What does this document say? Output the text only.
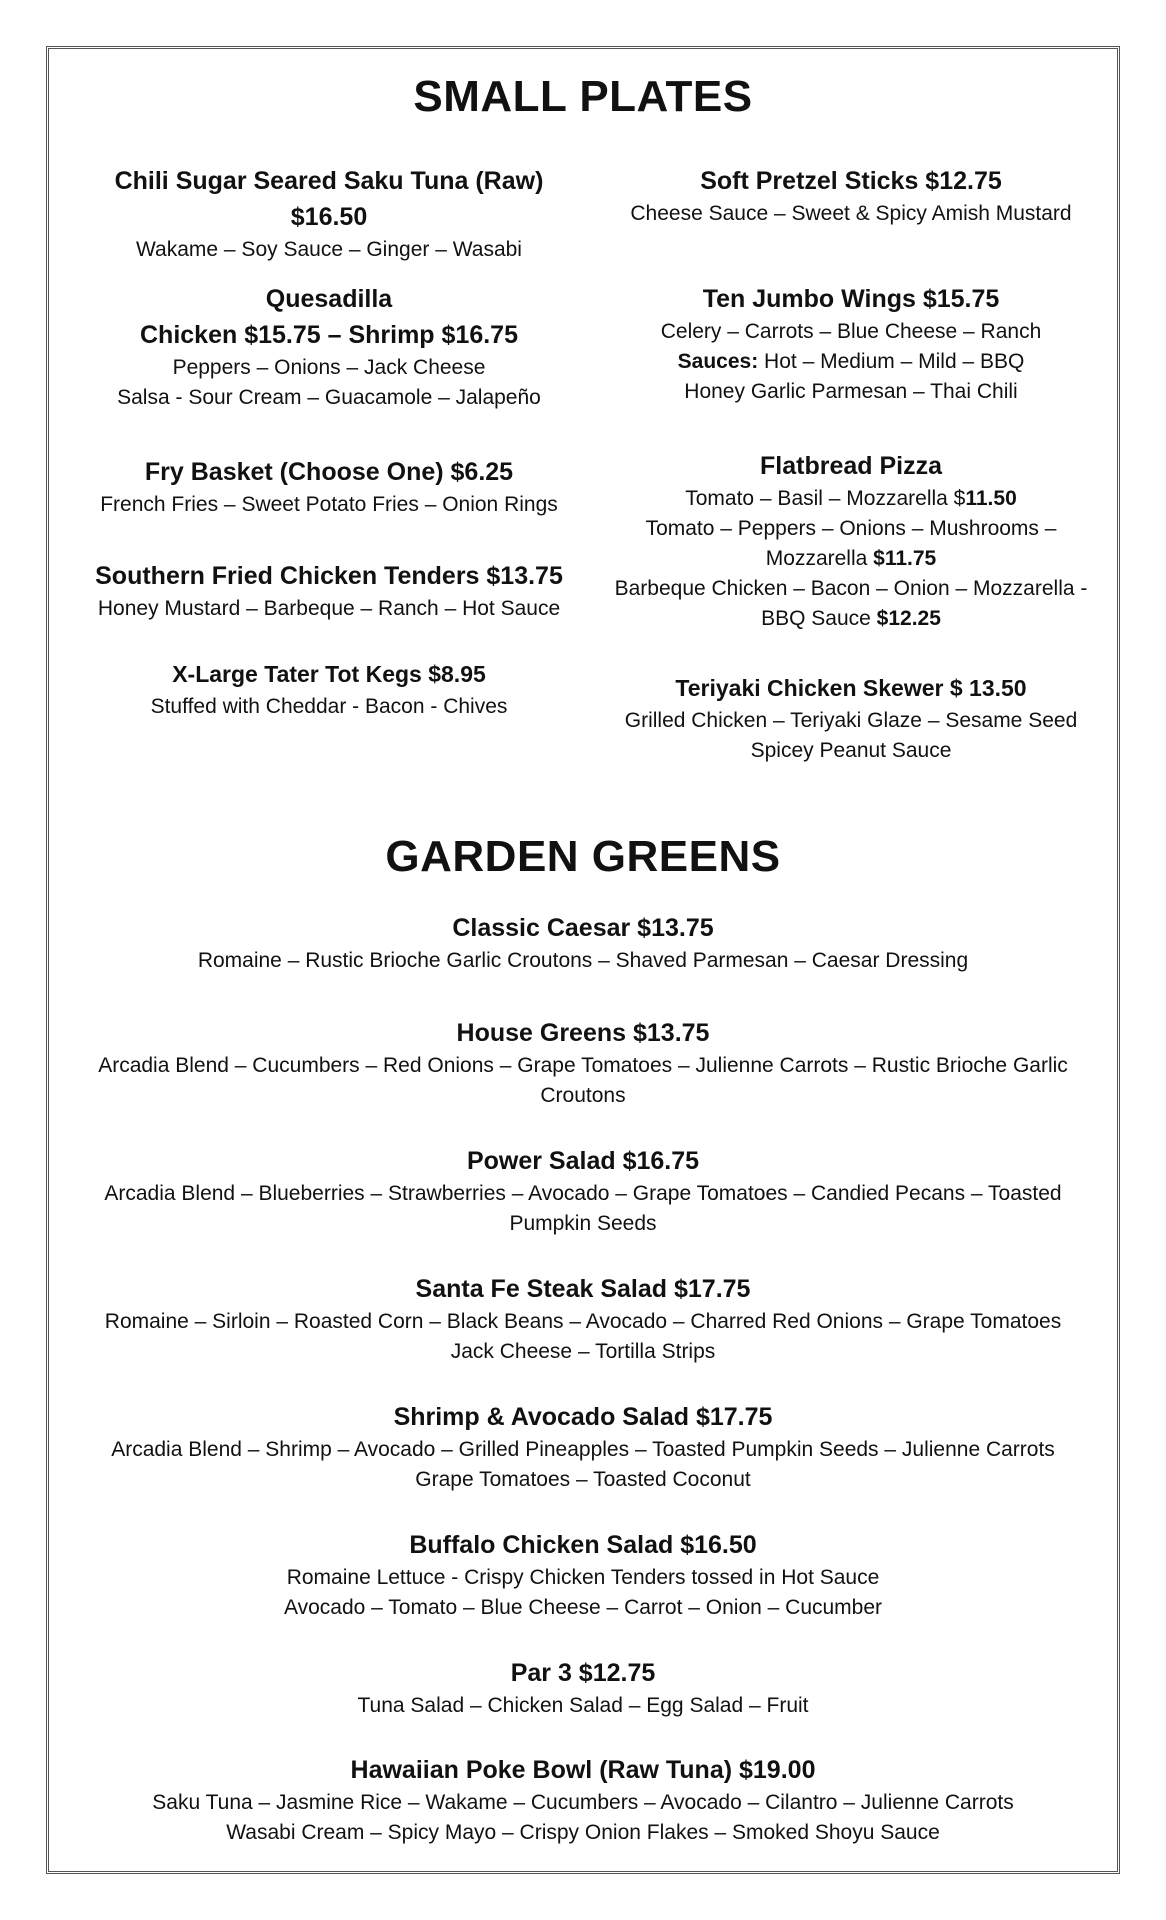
SMALL PLATES
Chili Sugar Seared Saku Tuna (Raw)
$16.50
Wakame – Soy Sauce – Ginger – Wasabi
Quesadilla
Chicken $15.75 – Shrimp $16.75
Peppers – Onions – Jack Cheese
Salsa - Sour Cream – Guacamole – Jalapeño
Fry Basket (Choose One) $6.25
French Fries – Sweet Potato Fries – Onion Rings
Southern Fried Chicken Tenders $13.75
Honey Mustard – Barbeque – Ranch – Hot Sauce
X-Large Tater Tot Kegs $8.95
Stuffed with Cheddar - Bacon - Chives
Soft Pretzel Sticks $12.75
Cheese Sauce – Sweet & Spicy Amish Mustard
Ten Jumbo Wings $15.75
Celery – Carrots – Blue Cheese – Ranch
Sauces: Hot – Medium – Mild – BBQ
Honey Garlic Parmesan – Thai Chili
Flatbread Pizza
Tomato – Basil – Mozzarella $11.50
Tomato – Peppers – Onions – Mushrooms –
Mozzarella $11.75
Barbeque Chicken – Bacon – Onion – Mozzarella -
BBQ Sauce $12.25
Teriyaki Chicken Skewer $ 13.50
Grilled Chicken – Teriyaki Glaze – Sesame Seed
Spicey Peanut Sauce
GARDEN GREENS
Classic Caesar $13.75
Romaine – Rustic Brioche Garlic Croutons – Shaved Parmesan – Caesar Dressing
House Greens $13.75
Arcadia Blend – Cucumbers – Red Onions – Grape Tomatoes – Julienne Carrots – Rustic Brioche Garlic
Croutons
Power Salad $16.75
Arcadia Blend – Blueberries – Strawberries – Avocado – Grape Tomatoes – Candied Pecans – Toasted
Pumpkin Seeds
Santa Fe Steak Salad $17.75
Romaine – Sirloin – Roasted Corn – Black Beans – Avocado – Charred Red Onions – Grape Tomatoes
Jack Cheese – Tortilla Strips
Shrimp & Avocado Salad $17.75
Arcadia Blend – Shrimp – Avocado – Grilled Pineapples – Toasted Pumpkin Seeds – Julienne Carrots
Grape Tomatoes – Toasted Coconut
Buffalo Chicken Salad $16.50
Romaine Lettuce - Crispy Chicken Tenders tossed in Hot Sauce
Avocado – Tomato – Blue Cheese – Carrot – Onion – Cucumber
Par 3 $12.75
Tuna Salad – Chicken Salad – Egg Salad – Fruit
Hawaiian Poke Bowl (Raw Tuna) $19.00
Saku Tuna – Jasmine Rice – Wakame – Cucumbers – Avocado – Cilantro – Julienne Carrots
Wasabi Cream – Spicy Mayo – Crispy Onion Flakes – Smoked Shoyu Sauce
